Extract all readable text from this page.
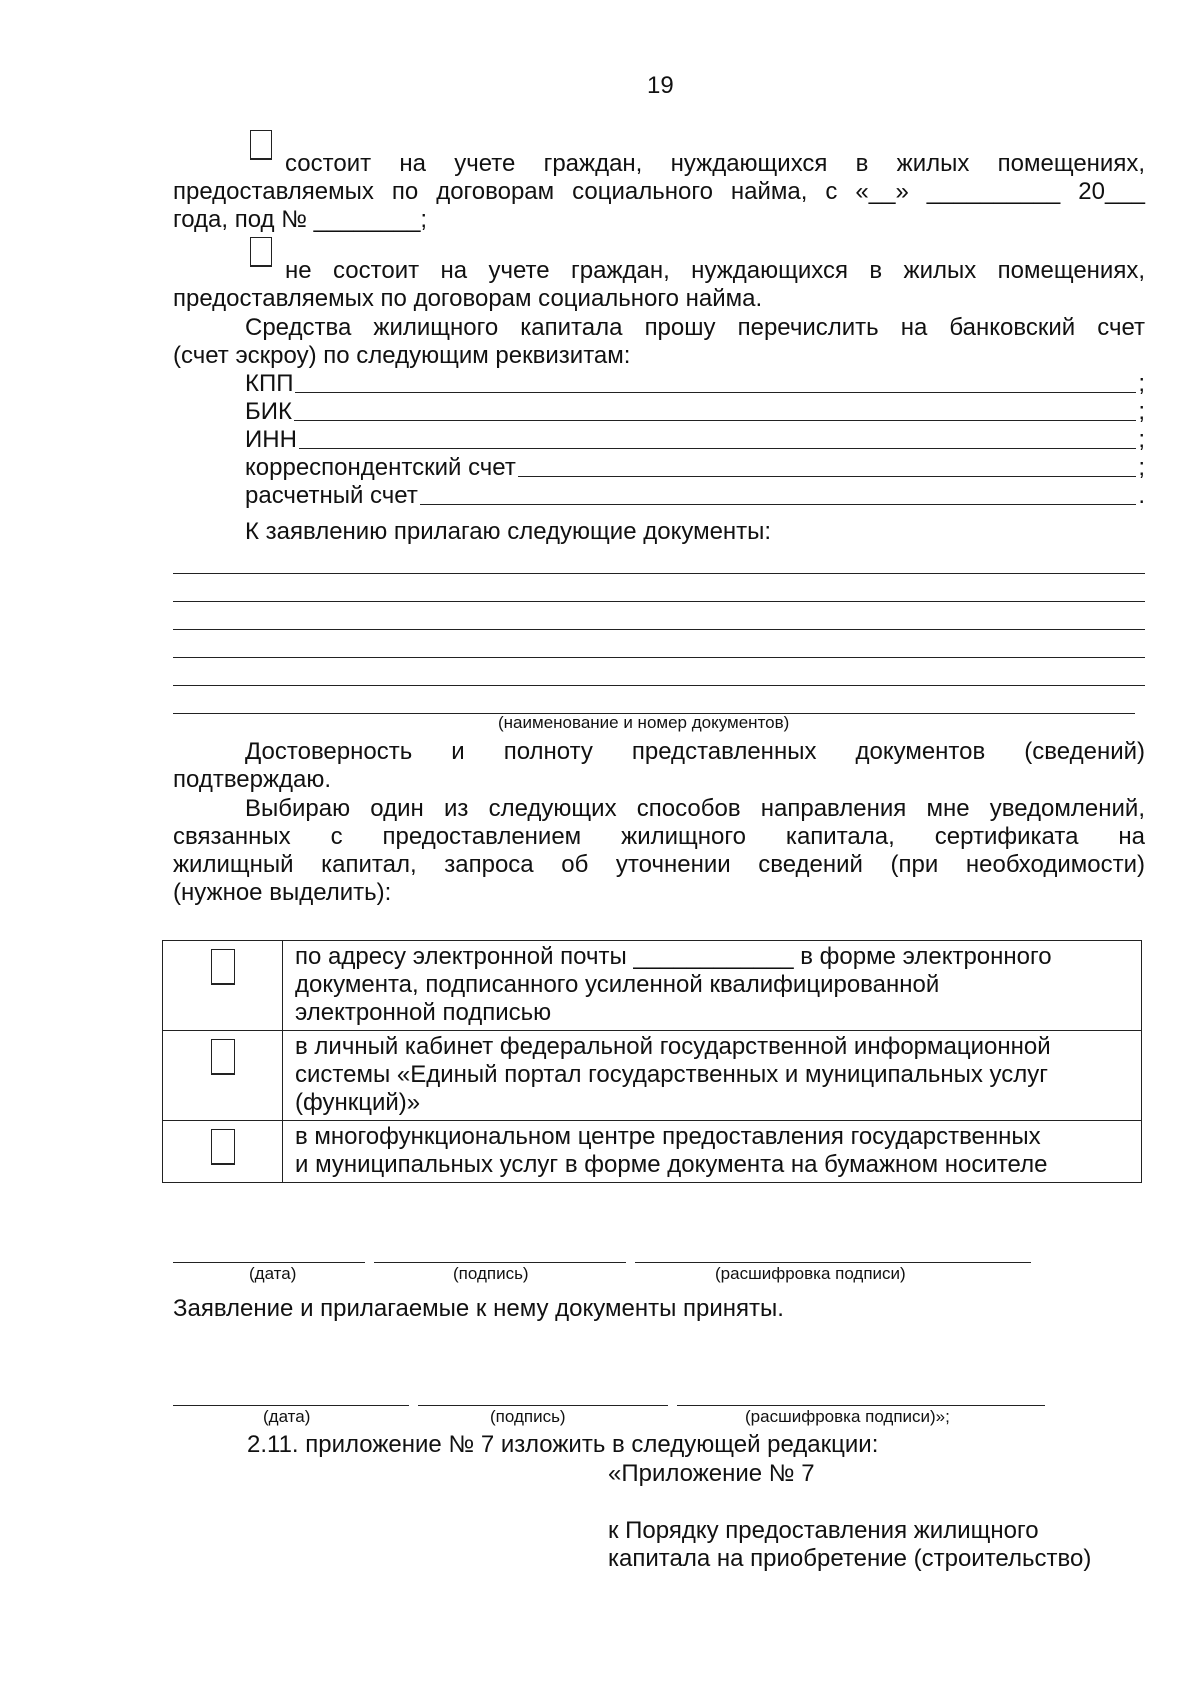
19
состоит на учете граждан, нуждающихся в жилых помещениях,
предоставляемых по договорам социального найма, с «__» __________ 20___
года, под № ________;
не состоит на учете граждан, нуждающихся в жилых помещениях,
предоставляемых по договорам социального найма.
Средства жилищного капитала прошу перечислить на банковский счет
(счет эскроу) по следующим реквизитам:
КПП	;
БИК	;
ИНН	;
корреспондентский счет	;
расчетный счет	.
К заявлению прилагаю следующие документы:
(наименование и номер документов)
Достоверность и полноту представленных документов (сведений)
подтверждаю.
Выбираю один из следующих способов направления мне уведомлений,
связанных с предоставлением жилищного капитала, сертификата на
жилищный капитал, запроса об уточнении сведений (при необходимости)
(нужное выделить):

	по адресу электронной почты ____________ в форме электронного
документа, подписанного усиленной квалифицированной
электронной подписью

	в личный кабинет федеральной государственной информационной
системы «Единый портал государственных и муниципальных услуг
(функций)»

	в многофункциональном центре предоставления государственных
и муниципальных услуг в форме документа на бумажном носителе
(дата)	(подпись)	(расшифровка подписи)
Заявление и прилагаемые к нему документы приняты.
(дата)	(подпись)	(расшифровка подписи)»;
2.11. приложение № 7 изложить в следующей редакции:
«Приложение № 7
к Порядку предоставления жилищного
капитала на приобретение (строительство)
